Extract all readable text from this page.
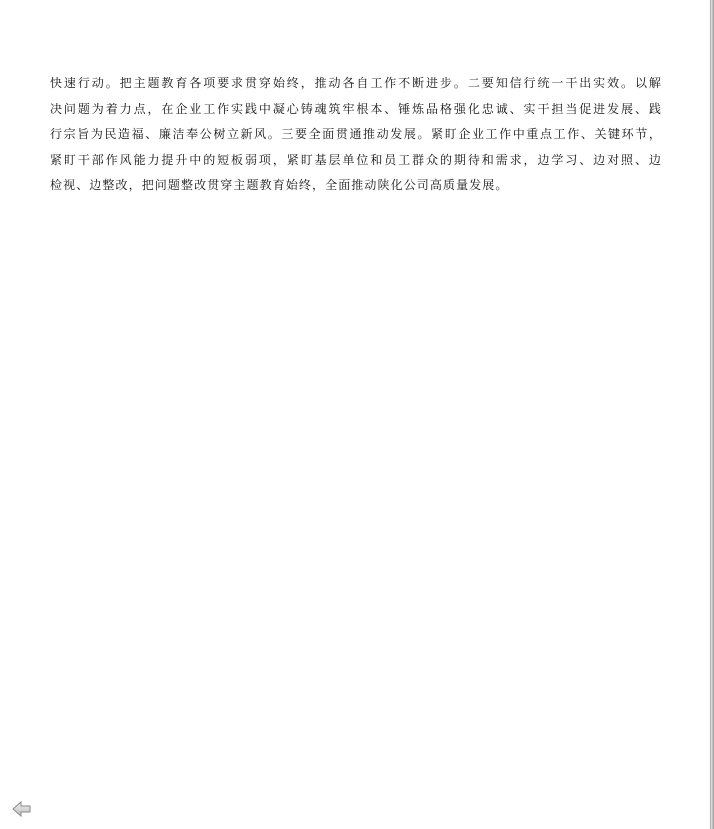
快速行动。把主题教育各项要求贯穿始终，推动各自工作不断进步。二要知信行统一干出实效。以解
决问题为着力点，在企业工作实践中凝心铸魂筑牢根本、锤炼品格强化忠诚、实干担当促进发展、践
行宗旨为民造福、廉洁奉公树立新风。三要全面贯通推动发展。紧盯企业工作中重点工作、关键环节，
紧盯干部作风能力提升中的短板弱项，紧盯基层单位和员工群众的期待和需求，边学习、边对照、边
检视、边整改，把问题整改贯穿主题教育始终，全面推动陕化公司高质量发展。
